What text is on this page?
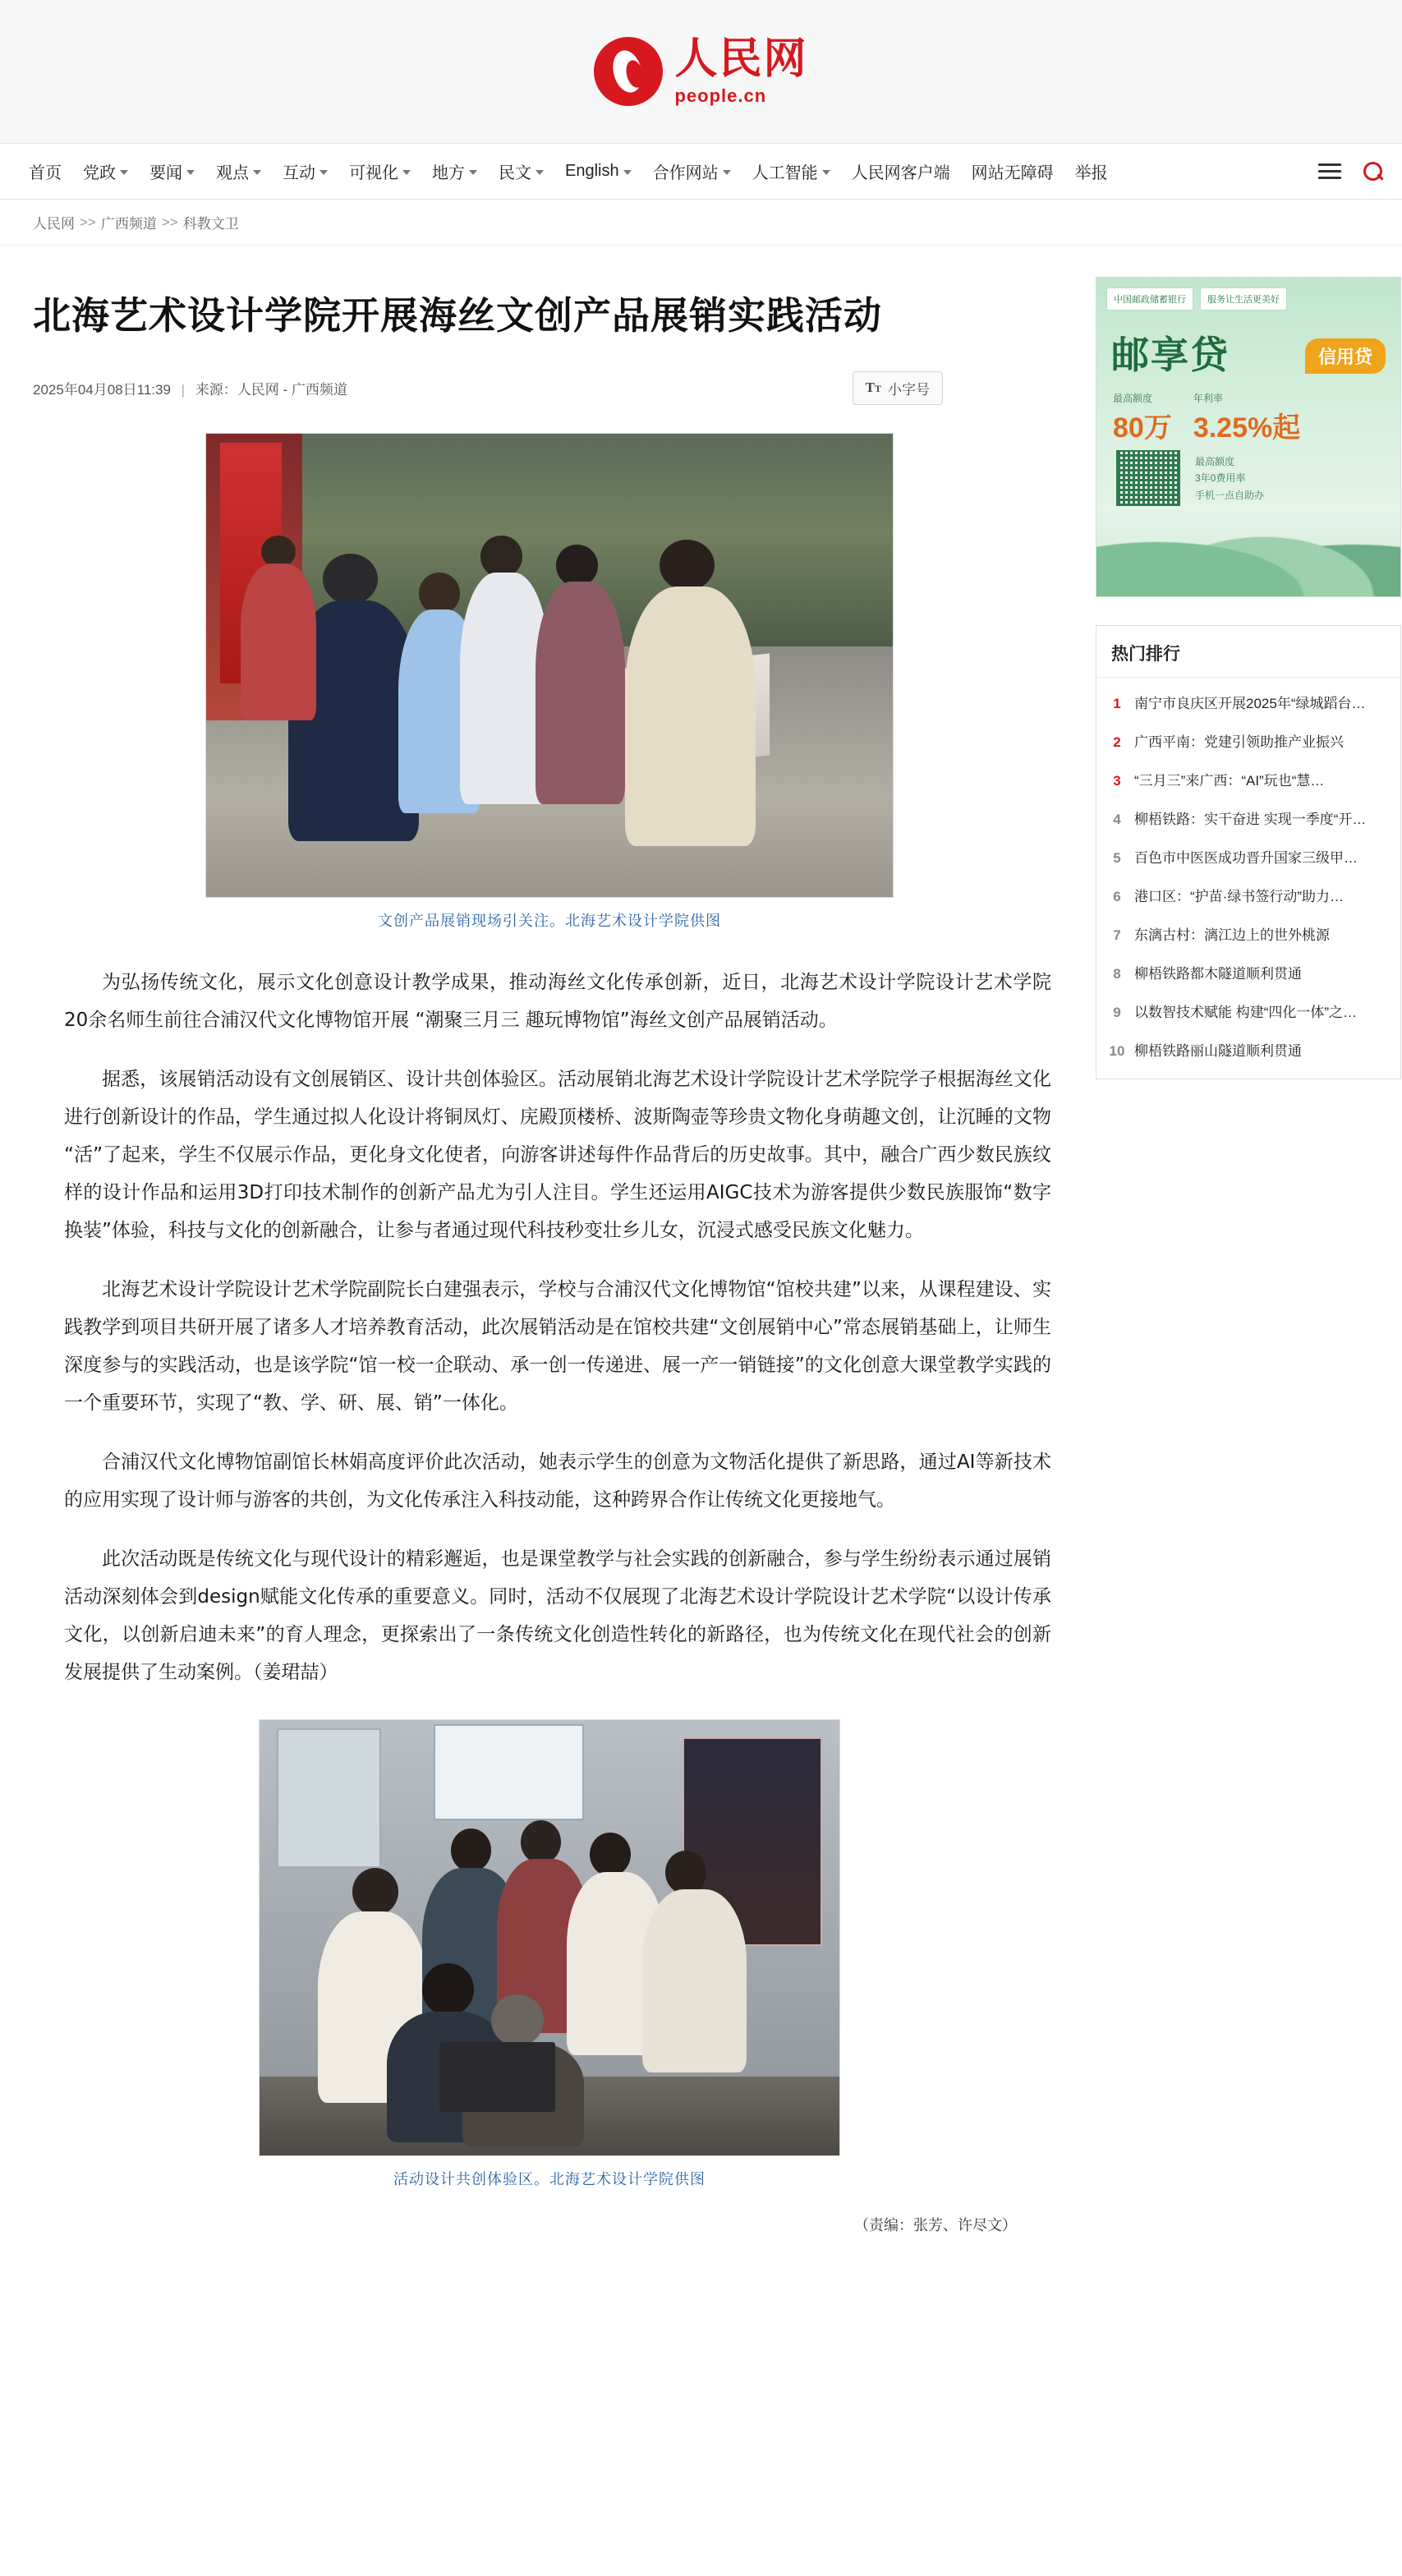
人民网
people.cn
首页 党政 要闻 观点 互动 可视化 地方 民文 English 合作网站 人工智能 人民网客户端 网站无障碍 举报
人民网 >> 广西频道 >> 科教文卫
北海艺术设计学院开展海丝文创产品展销实践活动
2025年04月08日11:39 | 来源：人民网 - 广西频道	TT 小字号
文创产品展销现场引关注。北海艺术设计学院供图

为弘扬传统文化，展示文化创意设计教学成果，推动海丝文化传承创新，近日，北海艺术设计学院设计艺术学院20余名师生前往合浦汉代文化博物馆开展 “潮聚三月三 趣玩博物馆”海丝文创产品展销活动。

据悉，该展销活动设有文创展销区、设计共创体验区。活动展销北海艺术设计学院设计艺术学院学子根据海丝文化进行创新设计的作品，学生通过拟人化设计将铜凤灯、庑殿顶楼桥、波斯陶壶等珍贵文物化身萌趣文创，让沉睡的文物“活”了起来，学生不仅展示作品，更化身文化使者，向游客讲述每件作品背后的历史故事。其中，融合广西少数民族纹样的设计作品和运用3D打印技术制作的创新产品尤为引人注目。学生还运用AIGC技术为游客提供少数民族服饰“数字换装”体验，科技与文化的创新融合，让参与者通过现代科技秒变壮乡儿女，沉浸式感受民族文化魅力。

北海艺术设计学院设计艺术学院副院长白建强表示，学校与合浦汉代文化博物馆“馆校共建”以来，从课程建设、实践教学到项目共研开展了诸多人才培养教育活动，此次展销活动是在馆校共建“文创展销中心”常态展销基础上，让师生深度参与的实践活动，也是该学院“馆一校一企联动、承一创一传递进、展一产一销链接”的文化创意大课堂教学实践的一个重要环节，实现了“教、学、研、展、销”一体化。

合浦汉代文化博物馆副馆长林娟高度评价此次活动，她表示学生的创意为文物活化提供了新思路，通过AI等新技术的应用实现了设计师与游客的共创，为文化传承注入科技动能，这种跨界合作让传统文化更接地气。

此次活动既是传统文化与现代设计的精彩邂逅，也是课堂教学与社会实践的创新融合，参与学生纷纷表示通过展销活动深刻体会到design赋能文化传承的重要意义。同时，活动不仅展现了北海艺术设计学院设计艺术学院“以设计传承文化，以创新启迪未来”的育人理念，更探索出了一条传统文化创造性转化的新路径，也为传统文化在现代社会的创新发展提供了生动案例。（姜珺喆）

活动设计共创体验区。北海艺术设计学院供图
（责编：张芳、许尽文）
中国邮政储蓄银行	服务让生活更美好
邮享贷	信用贷
最高额度
80万
年利率
3.25%起
最高额度
3年0费用率
手机一点自助办
热门排行
1 南宁市良庆区开展2025年“绿城蹈台…
2 广西平南：党建引领助推产业振兴
3 “三月三”来广西：“AI”玩也“慧…
4 柳梧铁路：实干奋进 实现一季度“开…
5 百色市中医医成功晋升国家三级甲…
6 港口区：“护苗·绿书签行动”助力…
7 东漓古村：漓江边上的世外桃源
8 柳梧铁路都木隧道顺利贯通
9 以数智技术赋能 构建“四化一体”之…
10 柳梧铁路丽山隧道顺利贯通
